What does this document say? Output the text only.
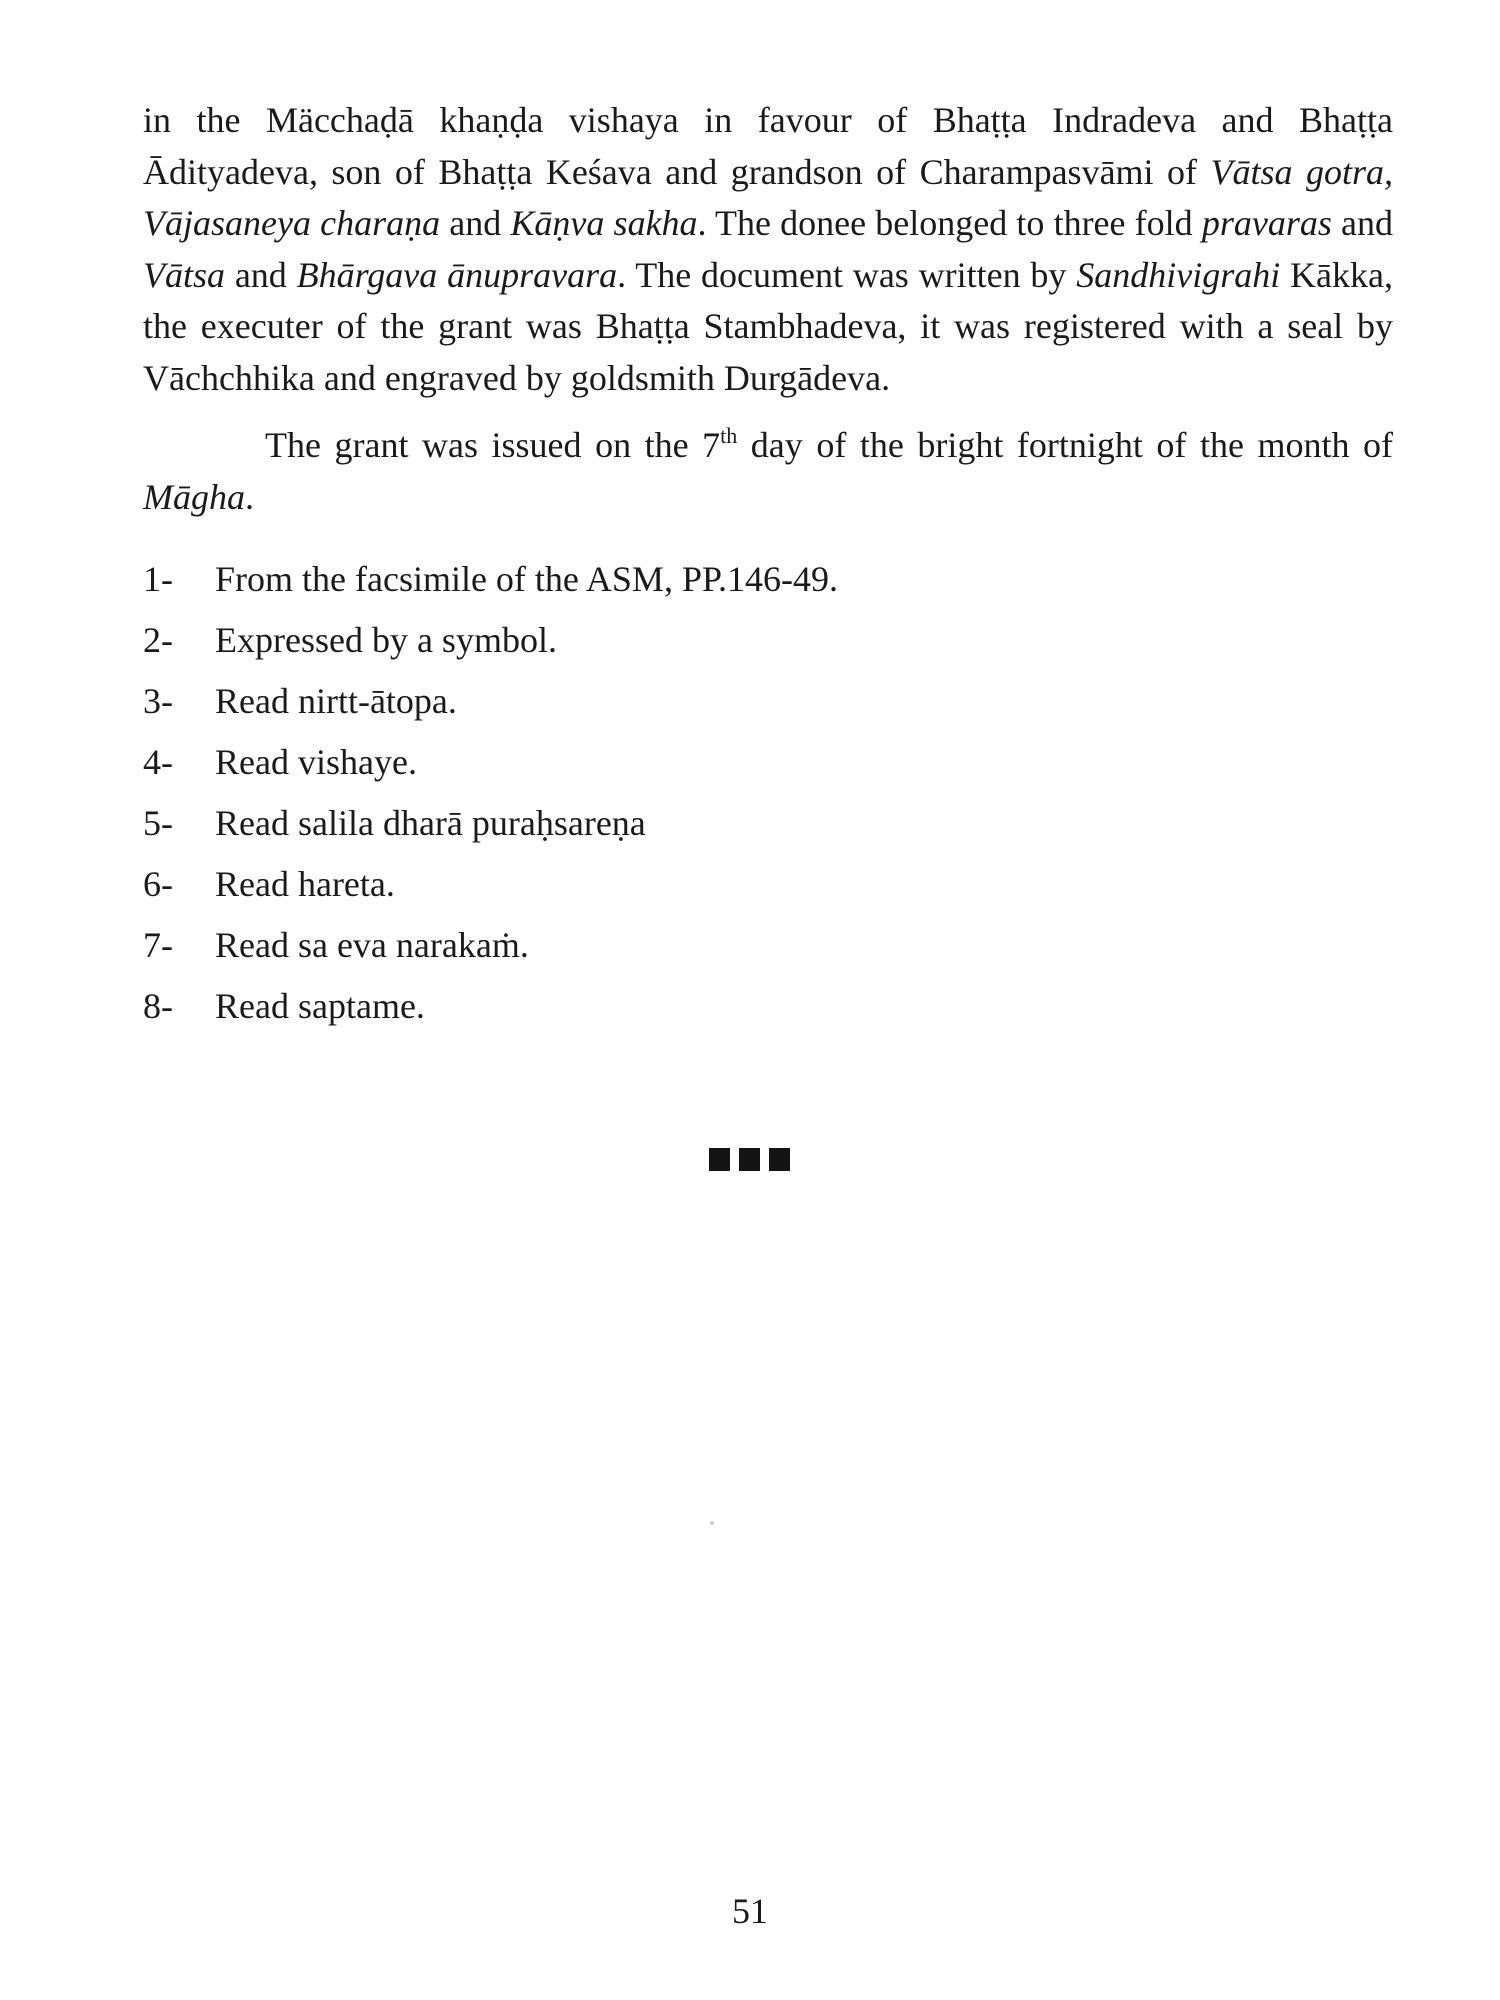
in the Mäcchaḍā khaṇḍa vishaya in favour of Bhaṭṭa Indradeva and Bhaṭṭa Ādityadeva, son of Bhaṭṭa Keśava and grandson of Charampasvāmi of Vātsa gotra, Vājasaneya charaṇa and Kāṇva sakha. The donee belonged to three fold pravaras and Vātsa and Bhārgava ānupravara. The document was written by Sandhivigrahi Kākka, the executer of the grant was Bhaṭṭa Stambhadeva, it was registered with a seal by Vāchchhika and engraved by goldsmith Durgādeva.

The grant was issued on the 7th day of the bright fortnight of the month of Māgha.

1-	From the facsimile of the ASM, PP.146-49.
2-	Expressed by a symbol.
3-	Read nirtt-ātopa.
4-	Read vishaye.
5-	Read salila dharā puraḥsareṇa
6-	Read hareta.
7-	Read sa eva narakaṁ.
8-	Read saptame.
51
